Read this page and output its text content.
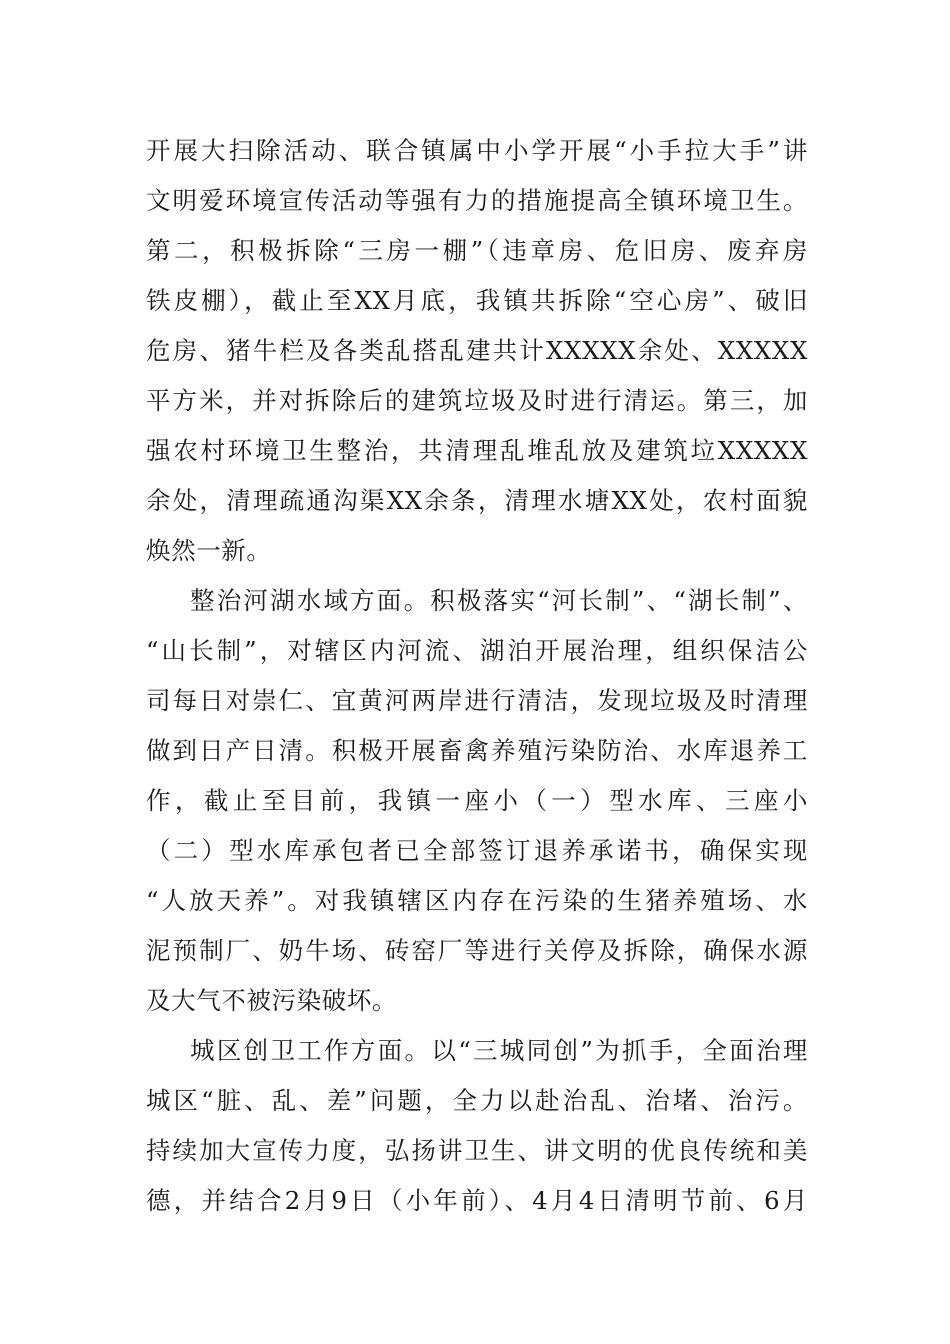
开展大扫除活动、联合镇属中小学开展“小手拉大手”讲
文明爱环境宣传活动等强有力的措施提高全镇环境卫生。
第二，积极拆除“三房一棚”（违章房、危旧房、废弃房
铁皮棚），截止至XX月底，我镇共拆除“空心房”、破旧
危房、猪牛栏及各类乱搭乱建共计XXXXX余处、XXXXX
平方米，并对拆除后的建筑垃圾及时进行清运。第三，加
强农村环境卫生整治，共清理乱堆乱放及建筑垃XXXXX
余处，清理疏通沟渠XX余条，清理水塘XX处，农村面貌
焕然一新。
整治河湖水域方面。积极落实“河长制”、“湖长制”、
“山长制”，对辖区内河流、湖泊开展治理，组织保洁公
司每日对崇仁、宜黄河两岸进行清洁，发现垃圾及时清理
做到日产日清。积极开展畜禽养殖污染防治、水库退养工
作，截止至目前，我镇一座小（一）型水库、三座小
（二）型水库承包者已全部签订退养承诺书，确保实现
“人放天养”。对我镇辖区内存在污染的生猪养殖场、水
泥预制厂、奶牛场、砖窑厂等进行关停及拆除，确保水源
及大气不被污染破坏。
城区创卫工作方面。以“三城同创”为抓手，全面治理
城区“脏、乱、差”问题，全力以赴治乱、治堵、治污。
持续加大宣传力度，弘扬讲卫生、讲文明的优良传统和美
德，并结合2月9日（小年前）、4月4日清明节前、6月
